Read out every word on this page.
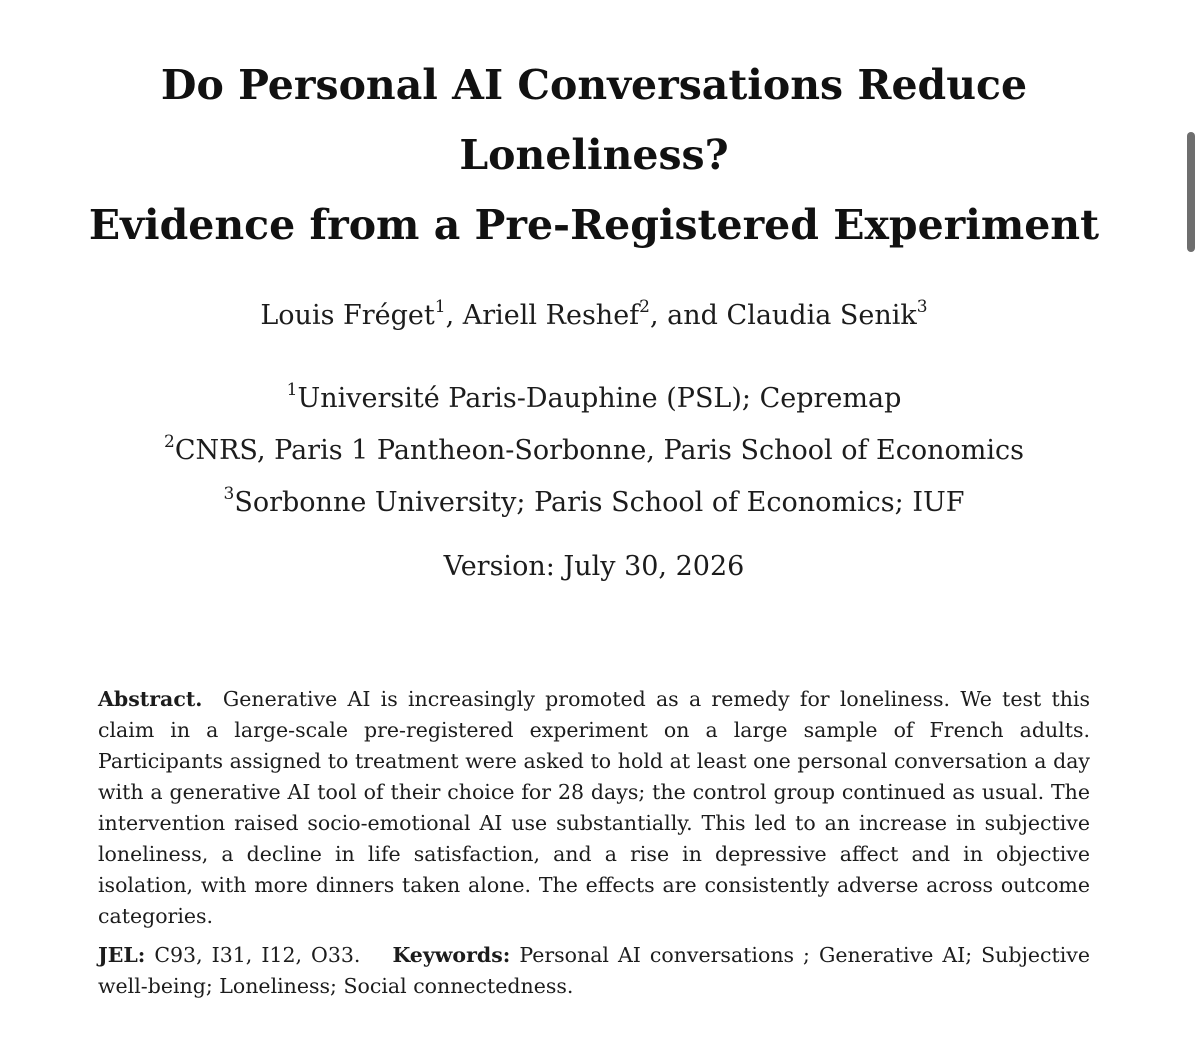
Do Personal AI Conversations Reduce
Loneliness?
Evidence from a Pre-Registered Experiment
Louis Fréget$^1$, Ariell Reshef$^2$, and Claudia Senik$^3$
$^1$Université Paris-Dauphine (PSL); Cepremap
$^2$CNRS, Paris 1 Pantheon-Sorbonne, Paris School of Economics
$^3$Sorbonne University; Paris School of Economics; IUF
Version: July 30, 2026
Abstract. Generative AI is increasingly promoted as a remedy for loneliness. We test this claim in a large-scale pre-registered experiment on a large sample of French adults. Participants assigned to treatment were asked to hold at least one personal conversation a day with a generative AI tool of their choice for 28 days; the control group continued as usual. The intervention raised socio-emotional AI use substantially. This led to an increase in subjective loneliness, a decline in life satisfaction, and a rise in depressive affect and in objective isolation, with more dinners taken alone. The effects are consistently adverse across outcome categories.
JEL: C93, I31, I12, O33. Keywords: Personal AI conversations ; Generative AI; Subjective well-being; Loneliness; Social connectedness.
